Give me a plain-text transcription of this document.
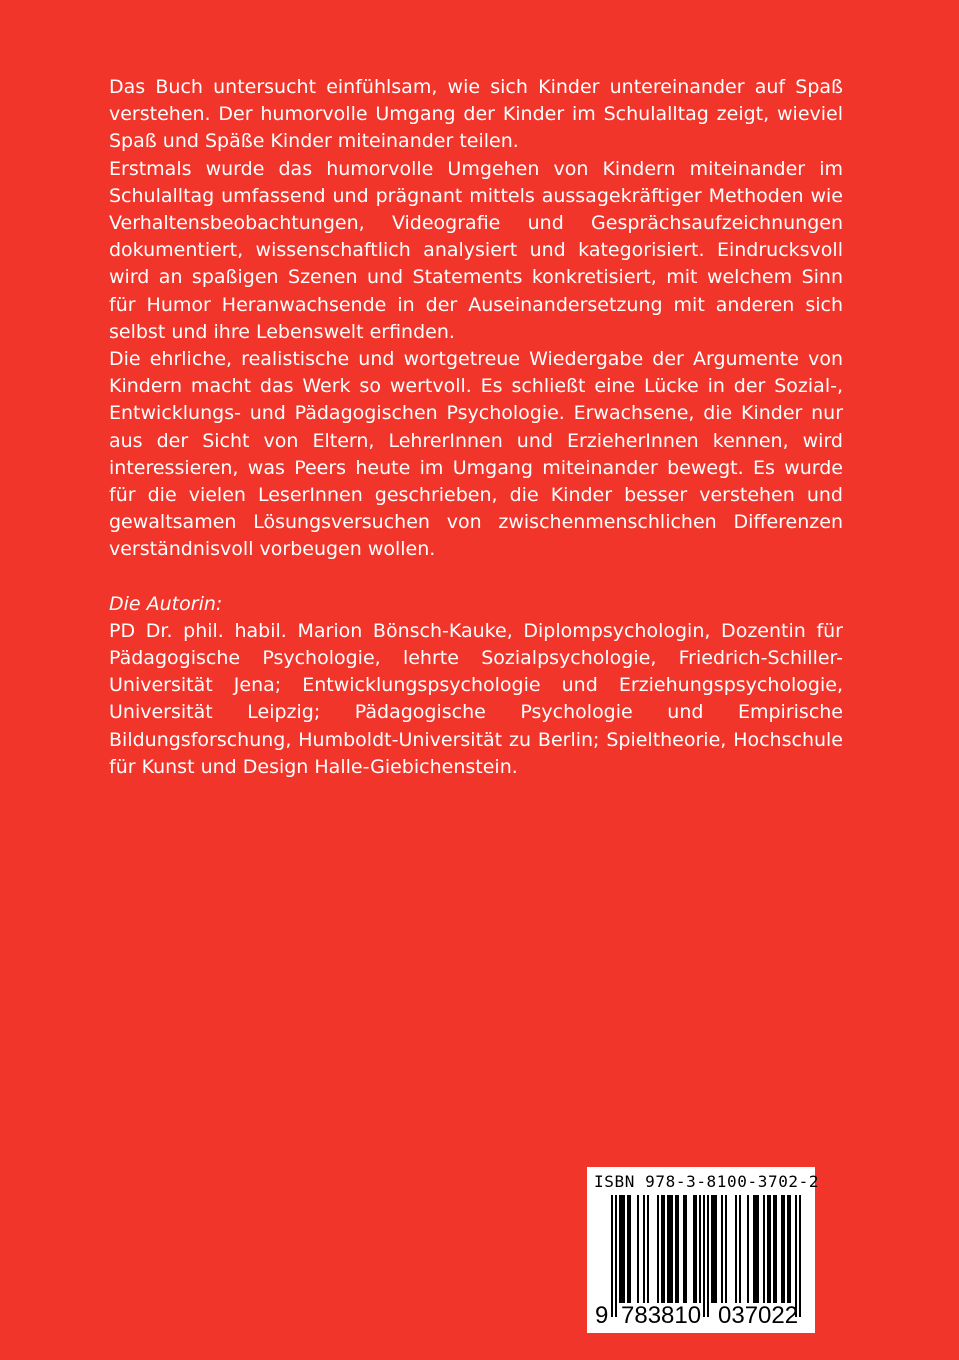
Das Buch untersucht einfühlsam, wie sich Kinder untereinander auf Spaß verstehen. Der humorvolle Umgang der Kinder im Schulalltag zeigt, wieviel Spaß und Späße Kinder miteinander teilen.

Erstmals wurde das humorvolle Umgehen von Kindern miteinander im Schulalltag umfassend und prägnant mittels aussagekräftiger Methoden wie Verhaltensbeobachtungen, Videografie und Gesprächsaufzeichnungen dokumentiert, wissenschaftlich analysiert und kategorisiert. Eindrucksvoll wird an spaßigen Szenen und Statements konkretisiert, mit welchem Sinn für Humor Heranwachsende in der Auseinandersetzung mit anderen sich selbst und ihre Lebenswelt erfinden.

Die ehrliche, realistische und wortgetreue Wiedergabe der Argumente von Kindern macht das Werk so wertvoll. Es schließt eine Lücke in der Sozial-, Entwicklungs- und Pädagogischen Psychologie. Erwachsene, die Kinder nur aus der Sicht von Eltern, LehrerInnen und ErzieherInnen kennen, wird interessieren, was Peers heute im Umgang miteinander bewegt. Es wurde für die vielen LeserInnen geschrieben, die Kinder besser verstehen und gewaltsamen Lösungsversuchen von zwischenmenschlichen Differenzen verständnisvoll vorbeugen wollen.

Die Autorin:

PD Dr. phil. habil. Marion Bönsch-Kauke, Diplompsychologin, Dozentin für Pädagogische Psychologie, lehrte Sozialpsychologie, Friedrich-Schiller-Universität Jena; Entwicklungspsychologie und Erziehungspsychologie, Universität Leipzig; Pädagogische Psychologie und Empirische Bildungsforschung, Humboldt-Universität zu Berlin; Spieltheorie, Hochschule für Kunst und Design Halle-Giebichenstein.

ISBN 978-3-8100-3702-2
9 783810 037022
